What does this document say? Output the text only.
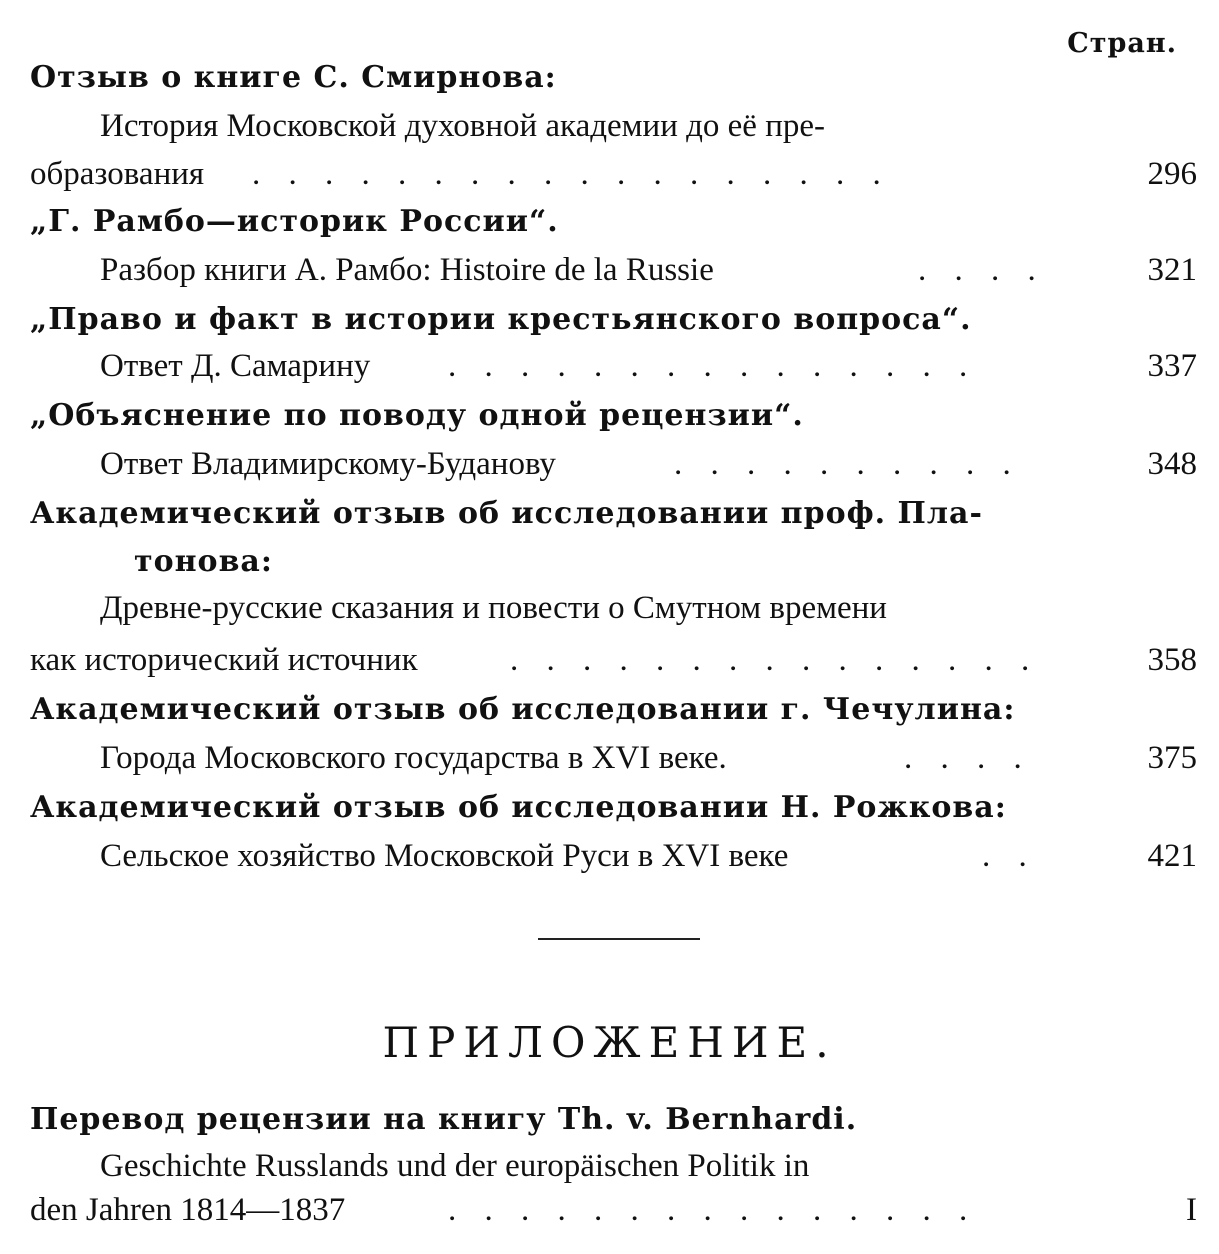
Стран.
Отзыв о книге С. Смирнова:
История Московской духовной академии до её пре-
образования . . . . . . . . . . . . . . . . . .	296
„Г. Рамбо—историк России“.
Разбор книги А. Рамбо: Histoire de la Russie	. . . .	321
„Право и факт в истории крестьянского вопроса“.
Ответ Д. Самарину . . . . . . . . . . . . . . .	337
„Объяснение по поводу одной рецензии“.
Ответ Владимирскому-Буданову	. . . . . . . . . .	348
Академический отзыв об исследовании проф. Пла-
тонова:
Древне-русские сказания и повести о Смутном времени
как исторический источник	. . . . . . . . . . . . . . .	358
Академический отзыв об исследовании г. Чечулина:
Города Московского государства в XVI веке.	. . . .	375
Академический отзыв об исследовании Н. Рожкова:
Сельское хозяйство Московской Руси в XVI веке	. .	421
ПРИЛОЖЕНИЕ.
Перевод рецензии на книгу Th. v. Bernhardi.
Geschichte Russlands und der europäischen Politik in
den Jahren 1814—1837	. . . . . . . . . . . . . . .	I
